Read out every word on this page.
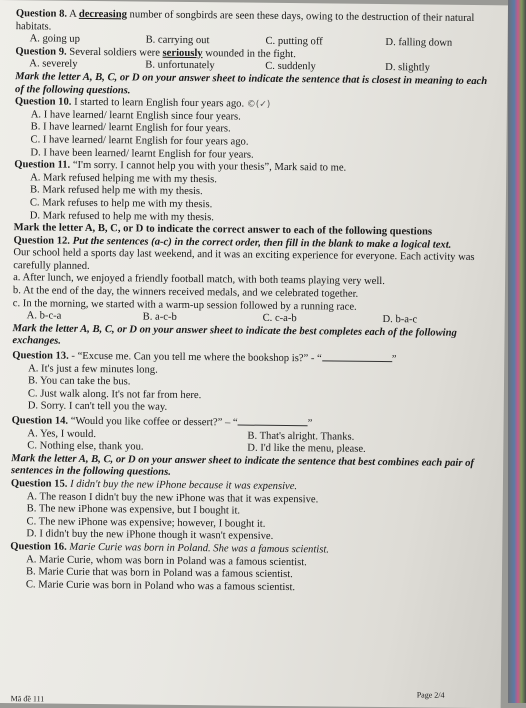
Question 8. A decreasing number of songbirds are seen these days, owing to the destruction of their natural habitats.

A. going up	B. carrying out	C. putting off	D. falling down

Question 9. Several soldiers were seriously wounded in the fight.

A. severely	B. unfortunately	C. suddenly	D. slightly

Mark the letter A, B, C, or D on your answer sheet to indicate the sentence that is closest in meaning to each of the following questions.

Question 10. I started to learn English four years ago. ©(✓)

A. I have learned/ learnt English since four years.

B. I have learned/ learnt English for four years.

C. I have learned/ learnt English for four years ago.

D. I have been learned/ learnt English for four years.

Question 11. “I'm sorry. I cannot help you with your thesis”, Mark said to me.

A. Mark refused helping me with my thesis.

B. Mark refused help me with my thesis.

C. Mark refuses to help me with my thesis.

D. Mark refused to help me with my thesis.

Mark the letter A, B, C, or D to indicate the correct answer to each of the following questions

Question 12. Put the sentences (a-c) in the correct order, then fill in the blank to make a logical text.

Our school held a sports day last weekend, and it was an exciting experience for everyone. Each activity was carefully planned.

a. After lunch, we enjoyed a friendly football match, with both teams playing very well.

b. At the end of the day, the winners received medals, and we celebrated together.

c. In the morning, we started with a warm-up session followed by a running race.

A. b-c-a	B. a-c-b	C. c-a-b	D. b-a-c

Mark the letter A, B, C, or D on your answer sheet to indicate the best completes each of the following exchanges.

Question 13. - “Excuse me. Can you tell me where the bookshop is?” - “	”

A. It's just a few minutes long.

B. You can take the bus.

C. Just walk along. It's not far from here.

D. Sorry. I can't tell you the way.

Question 14. “Would you like coffee or dessert?” – “	”

A. Yes, I would.	B. That's alright. Thanks.
C. Nothing else, thank you.	D. I'd like the menu, please.

Mark the letter A, B, C, or D on your answer sheet to indicate the sentence that best combines each pair of sentences in the following questions.

Question 15. I didn't buy the new iPhone because it was expensive.

A. The reason I didn't buy the new iPhone was that it was expensive.

B. The new iPhone was expensive, but I bought it.

C. The new iPhone was expensive; however, I bought it.

D. I didn't buy the new iPhone though it wasn't expensive.

Question 16. Marie Curie was born in Poland. She was a famous scientist.

A. Marie Curie, whom was born in Poland was a famous scientist.

B. Marie Curie that was born in Poland was a famous scientist.

C. Marie Curie was born in Poland who was a famous scientist.

Mã đề 111	Page 2/4
